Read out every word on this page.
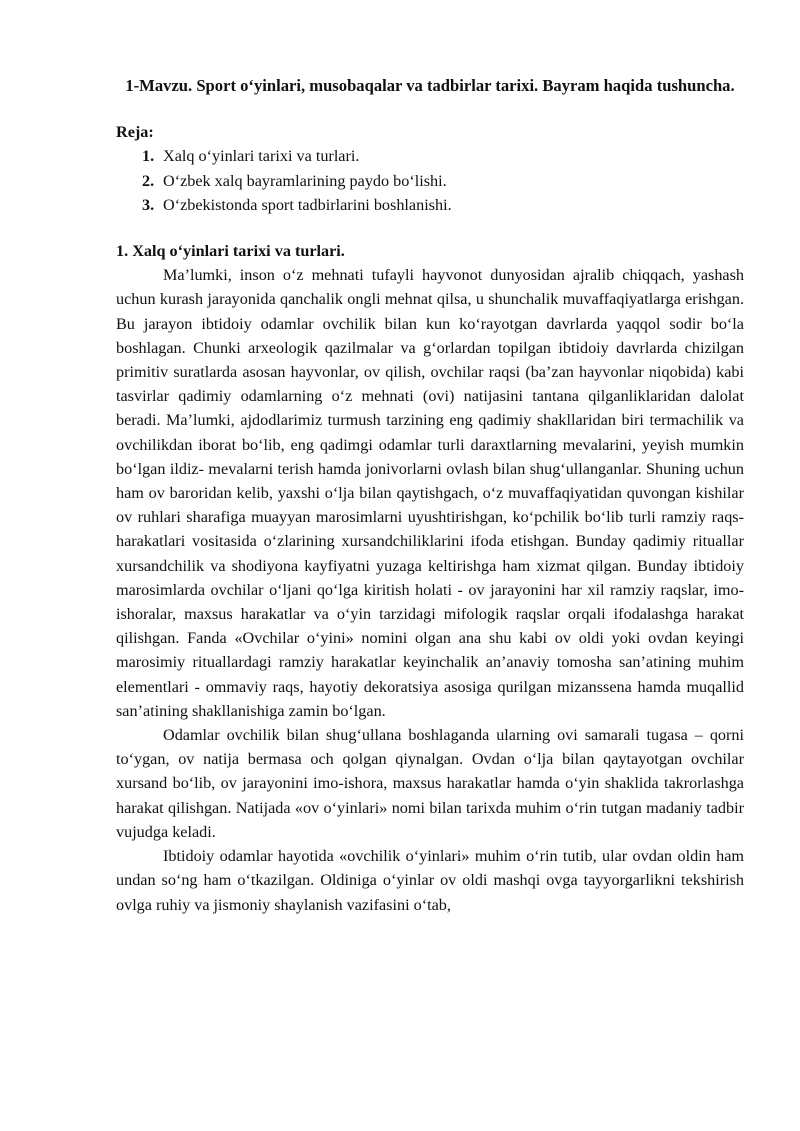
1-Mavzu. Sport o‘yinlari, musobaqalar va tadbirlar tarixi. Bayram haqida tushuncha.

Reja:

1. Xalq o‘yinlari tarixi va turlari.
2. O‘zbek xalq bayramlarining paydo bo‘lishi.
3. O‘zbekistonda sport tadbirlarini boshlanishi.

1. Xalq o‘yinlari tarixi va turlari.

Ma’lumki, inson o‘z mehnati tufayli hayvonot dunyosidan ajralib chiqqach, yashash uchun kurash jarayonida qanchalik ongli mehnat qilsa, u shunchalik muvaffaqiyatlarga erishgan. Bu jarayon ibtidoiy odamlar ovchilik bilan kun ko‘rayotgan davrlarda yaqqol sodir bo‘la boshlagan. Chunki arxeologik qazilmalar va g‘orlardan topilgan ibtidoiy davrlarda chizilgan primitiv suratlarda asosan hayvonlar, ov qilish, ovchilar raqsi (ba’zan hayvonlar niqobida) kabi tasvirlar qadimiy odamlarning o‘z mehnati (ovi) natijasini tantana qilganliklaridan dalolat beradi. Ma’lumki, ajdodlarimiz turmush tarzining eng qadimiy shakllaridan biri termachilik va ovchilikdan iborat bo‘lib, eng qadimgi odamlar turli daraxtlarning mevalarini, yeyish mumkin bo‘lgan ildiz- mevalarni terish hamda jonivorlarni ovlash bilan shug‘ullanganlar. Shuning uchun ham ov baroridan kelib, yaxshi o‘lja bilan qaytishgach, o‘z muvaffaqiyatidan quvongan kishilar ov ruhlari sharafiga muayyan marosimlarni uyushtirishgan, ko‘pchilik bo‘lib turli ramziy raqs-harakatlari vositasida o‘zlarining xursandchiliklarini ifoda etishgan. Bunday qadimiy rituallar xursandchilik va shodiyona kayfiyatni yuzaga keltirishga ham xizmat qilgan. Bunday ibtidoiy marosimlarda ovchilar o‘ljani qo‘lga kiritish holati - ov jarayonini har xil ramziy raqslar, imo-ishoralar, maxsus harakatlar va o‘yin tarzidagi mifologik raqslar orqali ifodalashga harakat qilishgan. Fanda «Ovchilar o‘yini» nomini olgan ana shu kabi ov oldi yoki ovdan keyingi marosimiy rituallardagi ramziy harakatlar keyinchalik an’anaviy tomosha san’atining muhim elementlari - ommaviy raqs, hayotiy dekoratsiya asosiga qurilgan mizanssena hamda muqallid san’atining shakllanishiga zamin bo‘lgan.

Odamlar ovchilik bilan shug‘ullana boshlaganda ularning ovi samarali tugasa – qorni to‘ygan, ov natija bermasa och qolgan qiynalgan. Ovdan o‘lja bilan qaytayotgan ovchilar xursand bo‘lib, ov jarayonini imo-ishora, maxsus harakatlar hamda o‘yin shaklida takrorlashga harakat qilishgan. Natijada «ov o‘yinlari» nomi bilan tarixda muhim o‘rin tutgan madaniy tadbir vujudga keladi.

Ibtidoiy odamlar hayotida «ovchilik o‘yinlari» muhim o‘rin tutib, ular ovdan oldin ham undan so‘ng ham o‘tkazilgan. Oldiniga o‘yinlar ov oldi mashqi ovga tayyorgarlikni tekshirish ovlga ruhiy va jismoniy shaylanish vazifasini o‘tab,
